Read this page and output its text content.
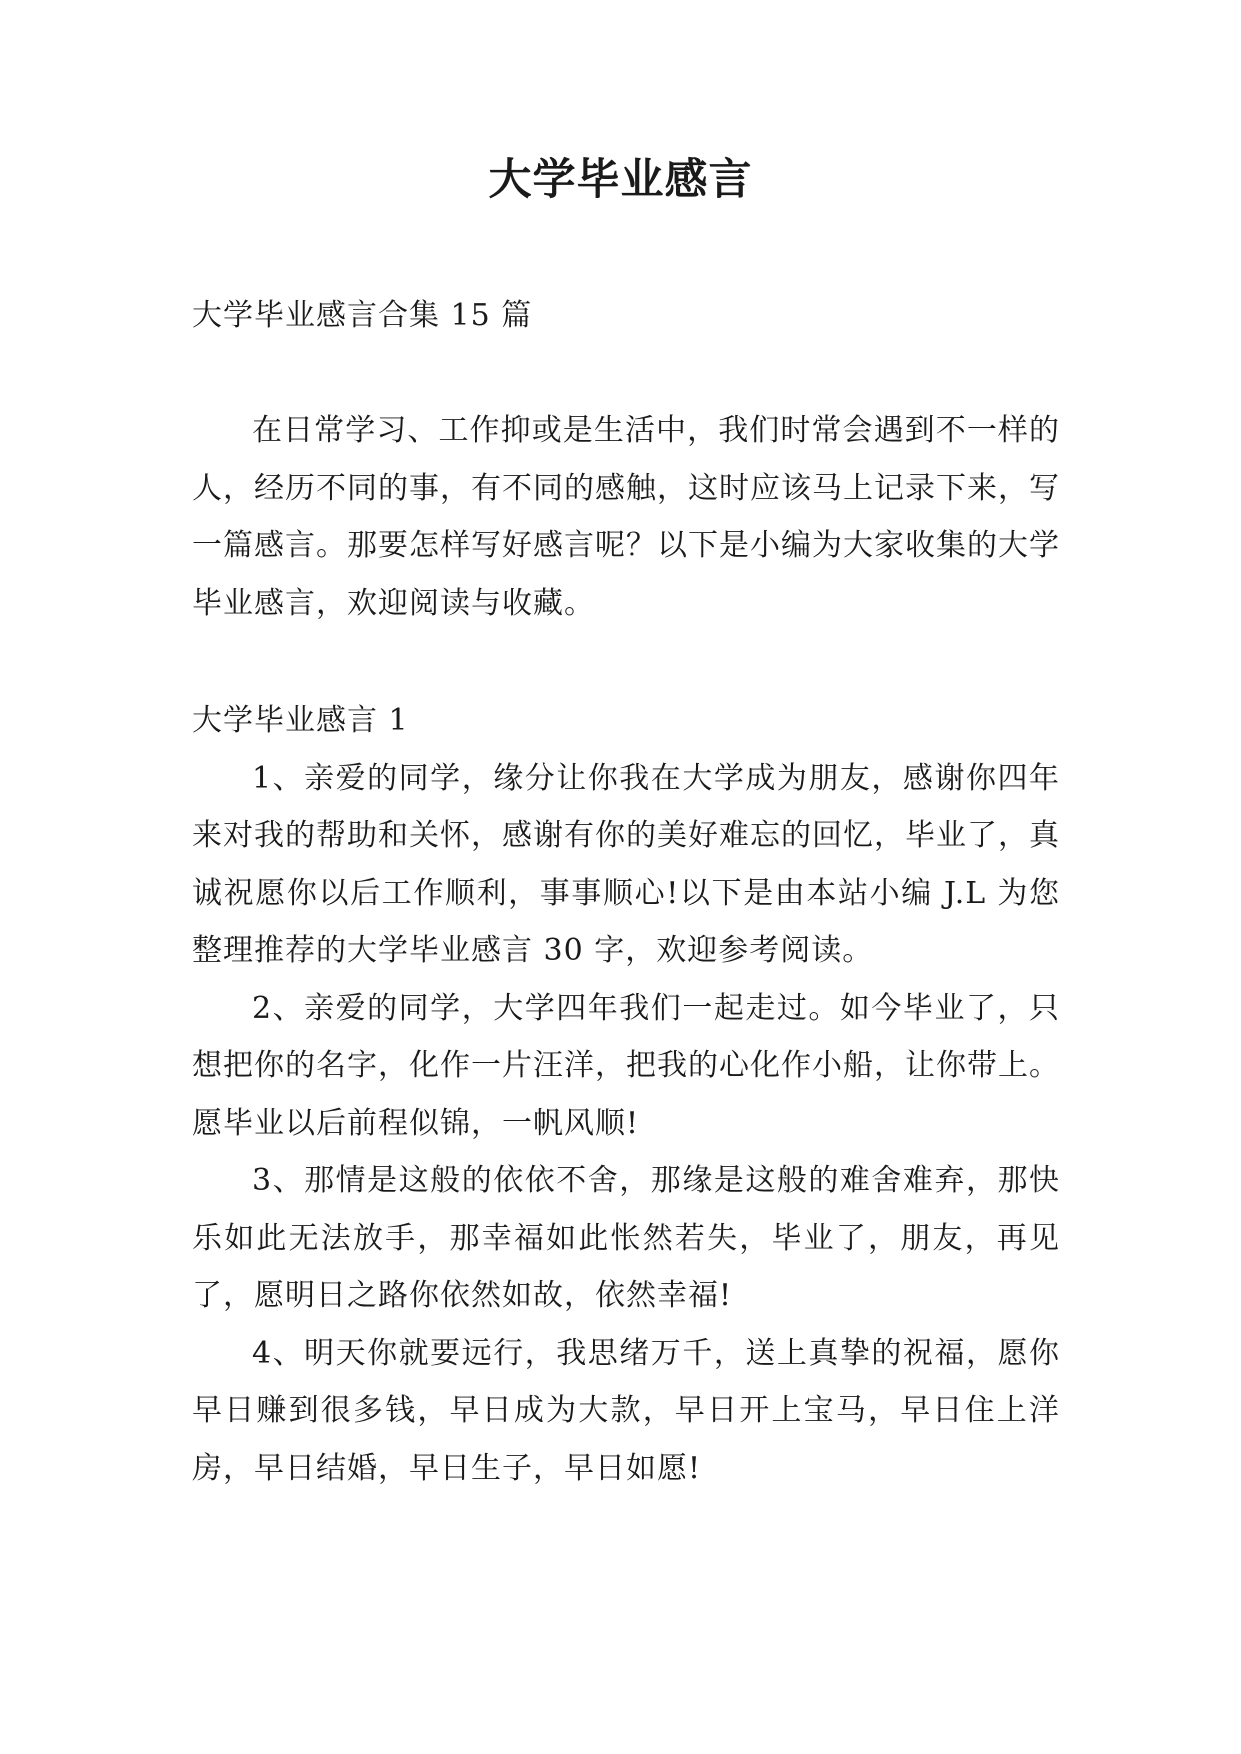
大学毕业感言
大学毕业感言合集 15 篇

在日常学习、工作抑或是生活中，我们时常会遇到不一样的人，经历不同的事，有不同的感触，这时应该马上记录下来，写一篇感言。那要怎样写好感言呢？以下是小编为大家收集的大学毕业感言，欢迎阅读与收藏。

大学毕业感言 1

1、亲爱的同学，缘分让你我在大学成为朋友，感谢你四年来对我的帮助和关怀，感谢有你的美好难忘的回忆，毕业了，真诚祝愿你以后工作顺利，事事顺心!以下是由本站小编 J.L 为您整理推荐的大学毕业感言 30 字，欢迎参考阅读。

2、亲爱的同学，大学四年我们一起走过。如今毕业了，只想把你的名字，化作一片汪洋，把我的心化作小船，让你带上。愿毕业以后前程似锦，一帆风顺!

3、那情是这般的依依不舍，那缘是这般的难舍难弃，那快乐如此无法放手，那幸福如此怅然若失，毕业了，朋友，再见了，愿明日之路你依然如故，依然幸福!

4、明天你就要远行，我思绪万千，送上真挚的祝福，愿你早日赚到很多钱，早日成为大款，早日开上宝马，早日住上洋房，早日结婚，早日生子，早日如愿!
